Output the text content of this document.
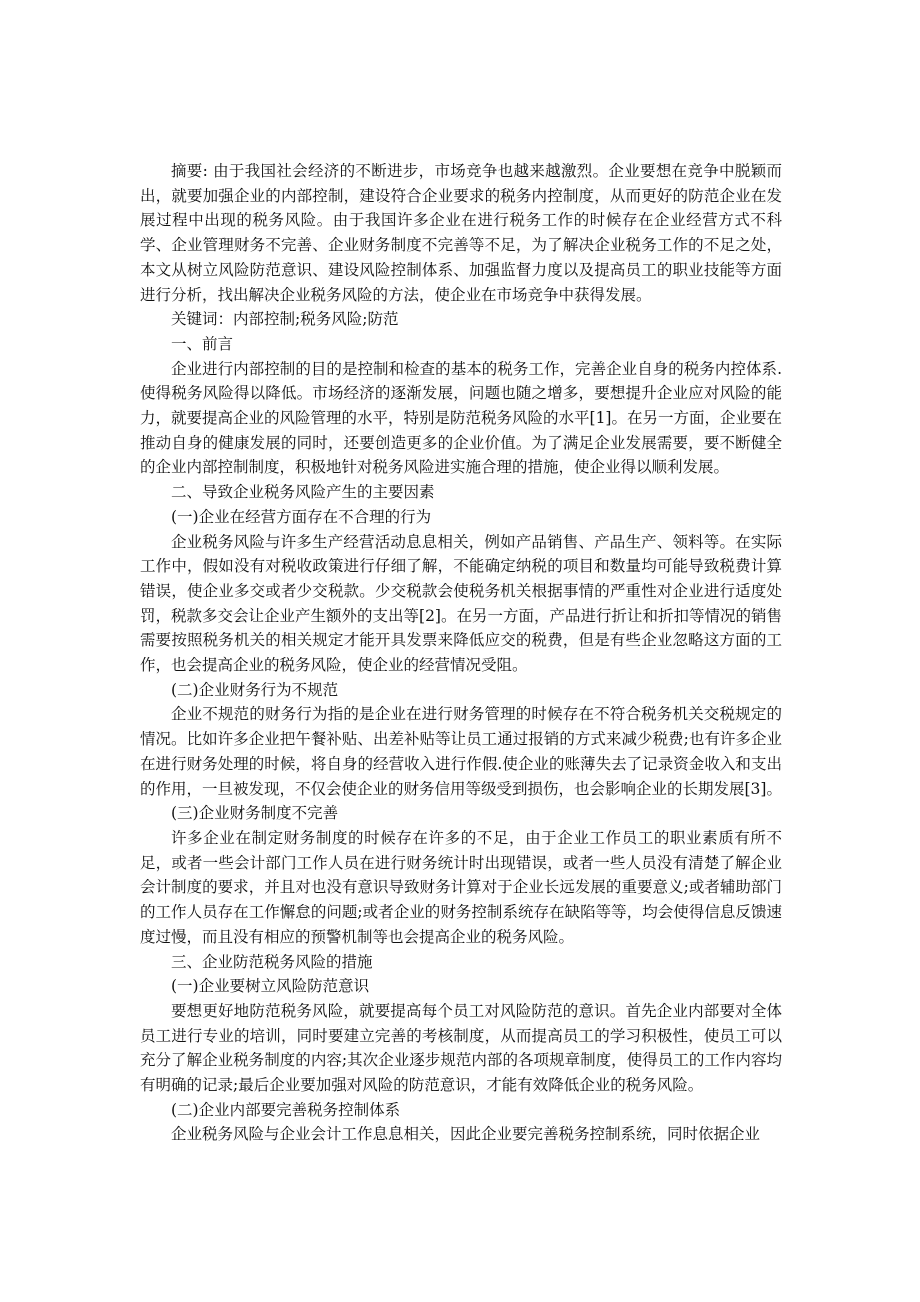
摘要: 由于我国社会经济的不断进步，市场竞争也越来越激烈。企业要想在竞争中脱颖而出，就要加强企业的内部控制，建设符合企业要求的税务内控制度，从而更好的防范企业在发展过程中出现的税务风险。由于我国许多企业在进行税务工作的时候存在企业经营方式不科学、企业管理财务不完善、企业财务制度不完善等不足，为了解决企业税务工作的不足之处，本文从树立风险防范意识、建设风险控制体系、加强监督力度以及提高员工的职业技能等方面进行分析，找出解决企业税务风险的方法，使企业在市场竞争中获得发展。

关键词：内部控制;税务风险;防范

一、前言

企业进行内部控制的目的是控制和检查的基本的税务工作，完善企业自身的税务内控体系.使得税务风险得以降低。市场经济的逐渐发展，问题也随之增多，要想提升企业应对风险的能力，就要提高企业的风险管理的水平，特别是防范税务风险的水平[1]。在另一方面，企业要在推动自身的健康发展的同时，还要创造更多的企业价值。为了满足企业发展需要，要不断健全的企业内部控制制度，积极地针对税务风险进实施合理的措施，使企业得以顺利发展。

二、导致企业税务风险产生的主要因素

(一)企业在经营方面存在不合理的行为

企业税务风险与许多生产经营活动息息相关，例如产品销售、产品生产、领料等。在实际工作中，假如没有对税收政策进行仔细了解，不能确定纳税的项目和数量均可能导致税费计算错误，使企业多交或者少交税款。少交税款会使税务机关根据事情的严重性对企业进行适度处罚，税款多交会让企业产生额外的支出等[2]。在另一方面，产品进行折让和折扣等情况的销售需要按照税务机关的相关规定才能开具发票来降低应交的税费，但是有些企业忽略这方面的工作，也会提高企业的税务风险，使企业的经营情况受阻。

(二)企业财务行为不规范

企业不规范的财务行为指的是企业在进行财务管理的时候存在不符合税务机关交税规定的情况。比如许多企业把午餐补贴、出差补贴等让员工通过报销的方式来减少税费;也有许多企业在进行财务处理的时候，将自身的经营收入进行作假.使企业的账薄失去了记录资金收入和支出的作用，一旦被发现，不仅会使企业的财务信用等级受到损伤，也会影响企业的长期发展[3]。

(三)企业财务制度不完善

许多企业在制定财务制度的时候存在许多的不足，由于企业工作员工的职业素质有所不足，或者一些会计部门工作人员在进行财务统计时出现错误，或者一些人员没有清楚了解企业会计制度的要求，并且对也没有意识导致财务计算对于企业长远发展的重要意义;或者辅助部门的工作人员存在工作懈怠的问题;或者企业的财务控制系统存在缺陷等等，均会使得信息反馈速度过慢，而且没有相应的预警机制等也会提高企业的税务风险。

三、企业防范税务风险的措施

(一)企业要树立风险防范意识

要想更好地防范税务风险，就要提高每个员工对风险防范的意识。首先企业内部要对全体员工进行专业的培训，同时要建立完善的考核制度，从而提高员工的学习积极性，使员工可以充分了解企业税务制度的内容;其次企业逐步规范内部的各项规章制度，使得员工的工作内容均有明确的记录;最后企业要加强对风险的防范意识，才能有效降低企业的税务风险。

(二)企业内部要完善税务控制体系

企业税务风险与企业会计工作息息相关，因此企业要完善税务控制系统，同时依据企业
